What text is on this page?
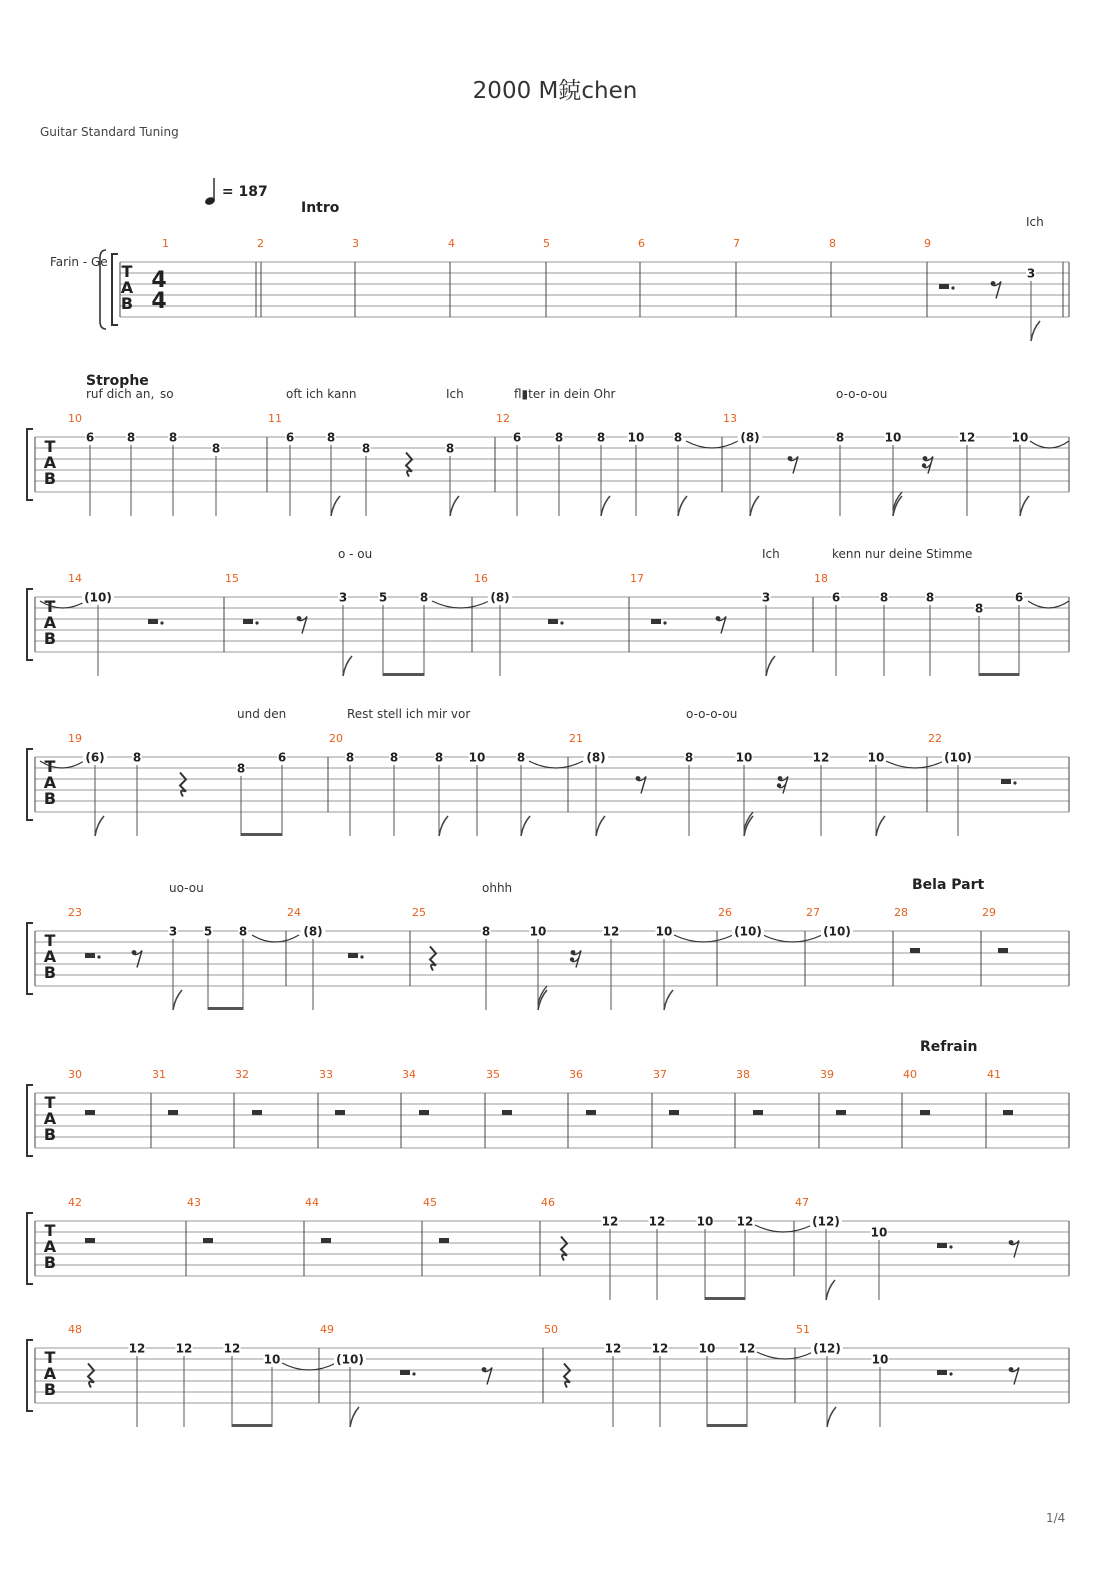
2000 M鋴chen
Guitar Standard Tuning
= 187
Farin - Ge
4
4
T
A
B
1	2	3	4	5	6	7	8	9
Intro
Ich
3
T
A
B
10	11	12	13
Strophe
ruf dich an, so	oft ich kann	Ich	fl▮ter in dein Ohr	o-o-o-ou
6	8	8
8
6	8
8	8
6	8	8 10 8	(8)	8	10	12	10
T
A
B
14	15	16	17	18
o - ou	Ich	kenn nur deine Stimme
(10)	3	5	8	(8)	3	6	8	8
8
6
T
A
B
19	20	21	22
und den	Rest stell ich mir vor	o-o-o-ou
(6) 8
8
6	8	8	8 10	8	(8)	8	10	12	10	(10)
T
A
B
23	24	25	26	27	28	29
Bela Part
uo-ou	ohhh
3 5 8	(8)	8	10	12	10	(10)	(10)
T
A
B
30	31	32	33	34	35	36	37	38	39	40	41
Refrain
T
A
B
42	43	44	45	46	47
12	12	10 12	(12)
10
T
A
B
48	49	50	51
12	12	12
10	(10)
12	12	10 12	(12)
10
1/4
